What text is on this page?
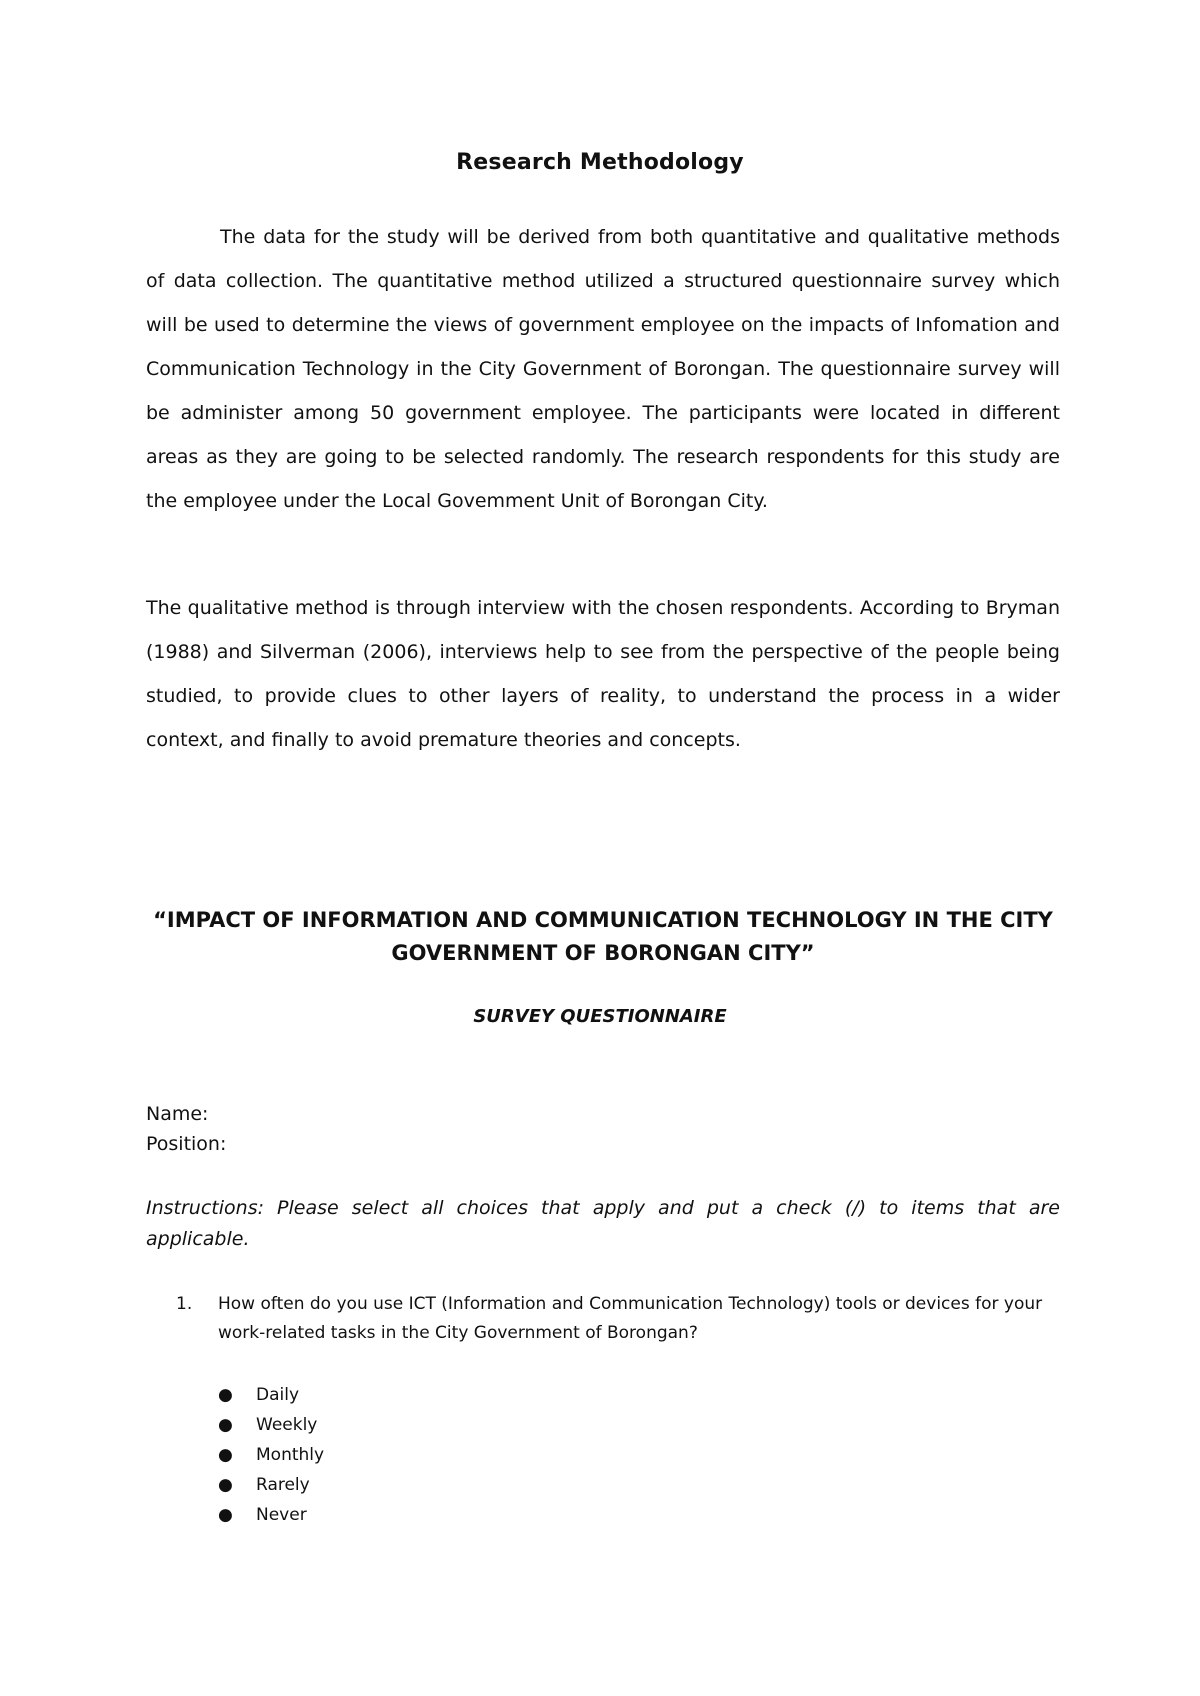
Research Methodology

The data for the study will be derived from both quantitative and qualitative methods of data collection. The quantitative method utilized a structured questionnaire survey which will be used to determine the views of government employee on the impacts of Infomation and Communication Technology in the City Government of Borongan. The questionnaire survey will be administer among 50 government employee. The participants were located in different areas as they are going to be selected randomly. The research respondents for this study are the employee under the Local Govemment Unit of Borongan City.

The qualitative method is through interview with the chosen respondents. According to Bryman (1988) and Silverman (2006), interviews help to see from the perspective of the people being studied, to provide clues to other layers of reality, to understand the process in a wider context, and finally to avoid premature theories and concepts.

“IMPACT OF INFORMATION AND COMMUNICATION TECHNOLOGY IN THE CITY GOVERNMENT OF BORONGAN CITY”
SURVEY QUESTIONNAIRE
Name:
Position:
Instructions: Please select all choices that apply and put a check (/) to items that are applicable.
1. How often do you use ICT (Information and Communication Technology) tools or devices for your work-related tasks in the City Government of Borongan?
● Daily
● Weekly
● Monthly
● Rarely
● Never
